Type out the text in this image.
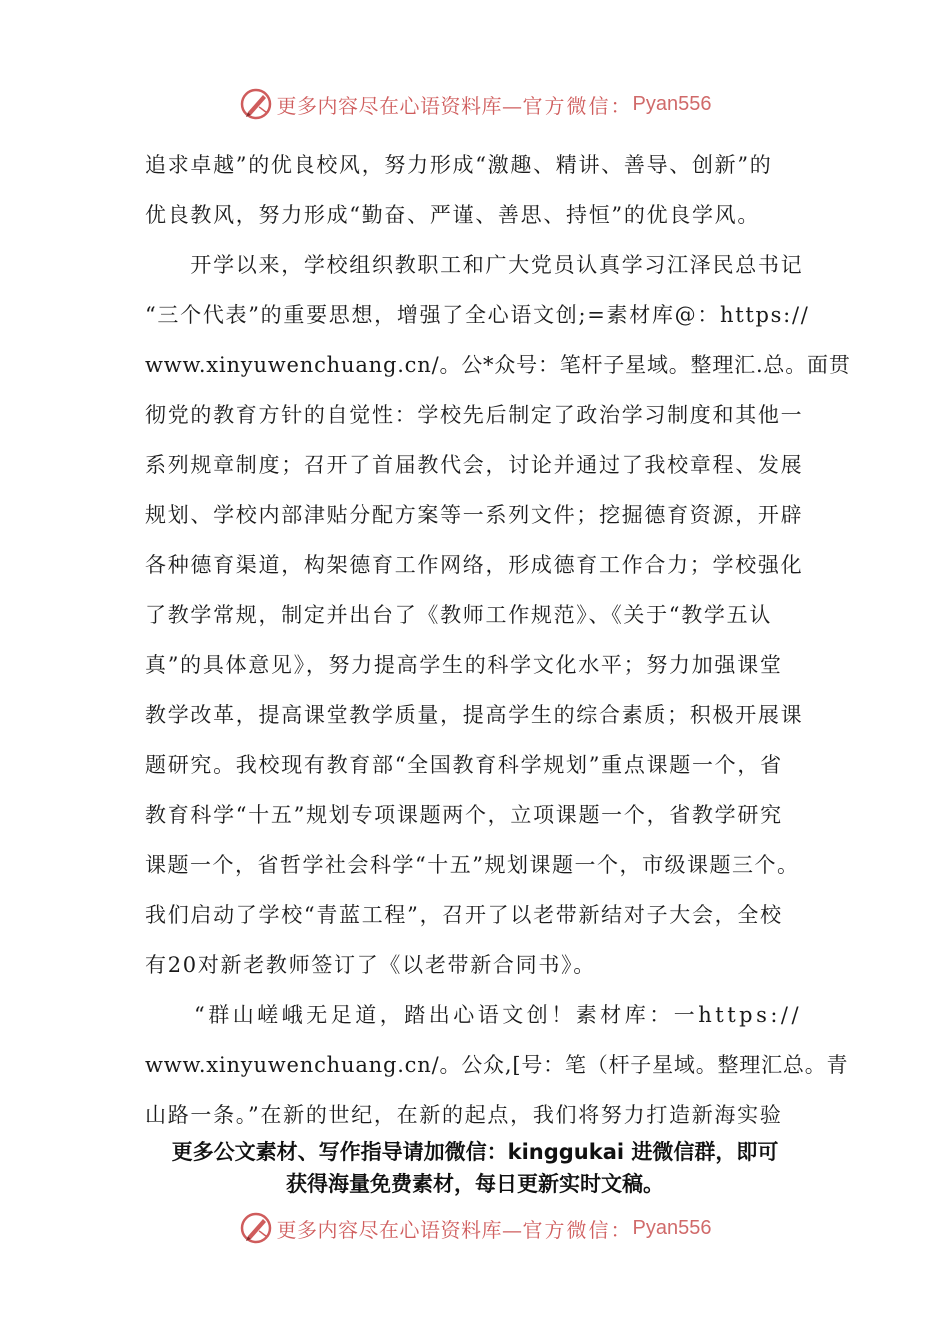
更多内容尽在心语资料库— 官方微信： Pyan556
追求卓越”的优良校风，努力形成“激趣、精讲、善导、创新”的
优良教风，努力形成“勤奋、严谨、善思、持恒”的优良学风。
　　开学以来，学校组织教职工和广大党员认真学习江泽民总书记
“三个代表”的重要思想，增强了全心语文创;=素材库@：https://
www.xinyuwenchuang.cn/。公*众号：笔杆子星域。整理汇.总。面贯
彻党的教育方针的自觉性：学校先后制定了政治学习制度和其他一
系列规章制度；召开了首届教代会，讨论并通过了我校章程、发展
规划、学校内部津贴分配方案等一系列文件；挖掘德育资源，开辟
各种德育渠道，构架德育工作网络，形成德育工作合力；学校强化
了教学常规，制定并出台了《教师工作规范》、《关于“教学五认
真”的具体意见》，努力提高学生的科学文化水平；努力加强课堂
教学改革，提高课堂教学质量，提高学生的综合素质；积极开展课
题研究。我校现有教育部“全国教育科学规划”重点课题一个，省
教育科学“十五”规划专项课题两个，立项课题一个，省教学研究
课题一个，省哲学社会科学“十五”规划课题一个，市级课题三个。
我们启动了学校“青蓝工程”，召开了以老带新结对子大会，全校
有20对新老教师签订了《以老带新合同书》。
　　“群山嵯峨无足道，踏出心语文创！素材库：一https://
www.xinyuwenchuang.cn/。公众,[号：笔（杆子星域。整理汇总。青
山路一条。”在新的世纪，在新的起点，我们将努力打造新海实验
更多公文素材、写作指导请加微信：kinggukai 进微信群，即可
获得海量免费素材，每日更新实时文稿。
更多内容尽在心语资料库— 官方微信： Pyan556
